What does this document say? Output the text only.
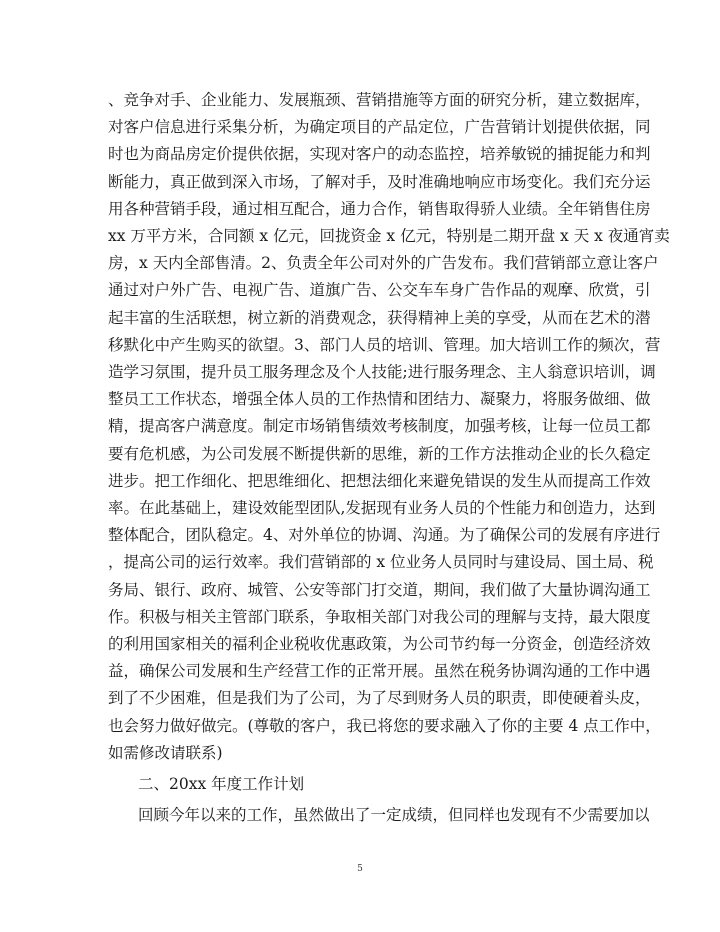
、竞争对手、企业能力、发展瓶颈、营销措施等方面的研究分析，建立数据库，
对客户信息进行采集分析，为确定项目的产品定位，广告营销计划提供依据，同
时也为商品房定价提供依据，实现对客户的动态监控，培养敏锐的捕捉能力和判
断能力，真正做到深入市场，了解对手，及时准确地响应市场变化。我们充分运
用各种营销手段，通过相互配合，通力合作，销售取得骄人业绩。全年销售住房
xx 万平方米，合同额 x 亿元，回拢资金 x 亿元，特别是二期开盘 x 天 x 夜通宵卖
房，x 天内全部售清。2、负责全年公司对外的广告发布。我们营销部立意让客户
通过对户外广告、电视广告、道旗广告、公交车车身广告作品的观摩、欣赏，引
起丰富的生活联想，树立新的消费观念，获得精神上美的享受，从而在艺术的潜
移默化中产生购买的欲望。3、部门人员的培训、管理。加大培训工作的频次，营
造学习氛围，提升员工服务理念及个人技能;进行服务理念、主人翁意识培训，调
整员工工作状态，增强全体人员的工作热情和团结力、凝聚力，将服务做细、做
精，提高客户满意度。制定市场销售绩效考核制度，加强考核，让每一位员工都
要有危机感，为公司发展不断提供新的思维，新的工作方法推动企业的长久稳定
进步。把工作细化、把思维细化、把想法细化来避免错误的发生从而提高工作效
率。在此基础上，建设效能型团队,发据现有业务人员的个性能力和创造力，达到
整体配合，团队稳定。4、对外单位的协调、沟通。为了确保公司的发展有序进行
，提高公司的运行效率。我们营销部的 x 位业务人员同时与建设局、国土局、税
务局、银行、政府、城管、公安等部门打交道，期间，我们做了大量协调沟通工
作。积极与相关主管部门联系，争取相关部门对我公司的理解与支持，最大限度
的利用国家相关的福利企业税收优惠政策，为公司节约每一分资金，创造经济效
益，确保公司发展和生产经营工作的正常开展。虽然在税务协调沟通的工作中遇
到了不少困难，但是我们为了公司，为了尽到财务人员的职责，即使硬着头皮，
也会努力做好做完。(尊敬的客户，我已将您的要求融入了你的主要 4 点工作中，
如需修改请联系)
二、20xx 年度工作计划
回顾今年以来的工作，虽然做出了一定成绩，但同样也发现有不少需要加以
5
